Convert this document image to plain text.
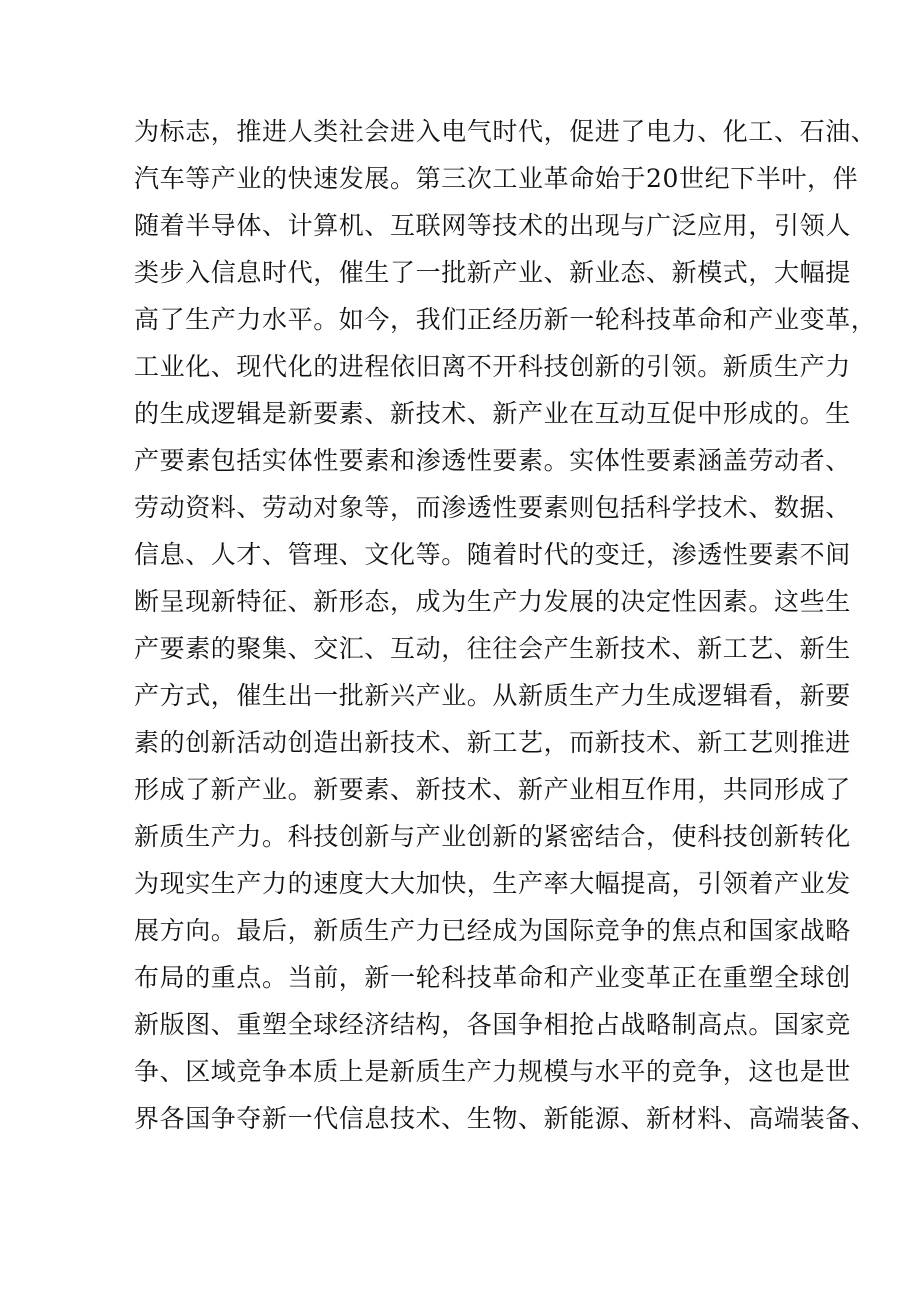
为标志，推进人类社会进入电气时代，促进了电力、化工、石油、
汽车等产业的快速发展。第三次工业革命始于20世纪下半叶，伴
随着半导体、计算机、互联网等技术的出现与广泛应用，引领人
类步入信息时代，催生了一批新产业、新业态、新模式，大幅提
高了生产力水平。如今，我们正经历新一轮科技革命和产业变革，
工业化、现代化的进程依旧离不开科技创新的引领。新质生产力
的生成逻辑是新要素、新技术、新产业在互动互促中形成的。生
产要素包括实体性要素和渗透性要素。实体性要素涵盖劳动者、
劳动资料、劳动对象等，而渗透性要素则包括科学技术、数据、
信息、人才、管理、文化等。随着时代的变迁，渗透性要素不间
断呈现新特征、新形态，成为生产力发展的决定性因素。这些生
产要素的聚集、交汇、互动，往往会产生新技术、新工艺、新生
产方式，催生出一批新兴产业。从新质生产力生成逻辑看，新要
素的创新活动创造出新技术、新工艺，而新技术、新工艺则推进
形成了新产业。新要素、新技术、新产业相互作用，共同形成了
新质生产力。科技创新与产业创新的紧密结合，使科技创新转化
为现实生产力的速度大大加快，生产率大幅提高，引领着产业发
展方向。最后，新质生产力已经成为国际竞争的焦点和国家战略
布局的重点。当前，新一轮科技革命和产业变革正在重塑全球创
新版图、重塑全球经济结构，各国争相抢占战略制高点。国家竞
争、区域竞争本质上是新质生产力规模与水平的竞争，这也是世
界各国争夺新一代信息技术、生物、新能源、新材料、高端装备、
